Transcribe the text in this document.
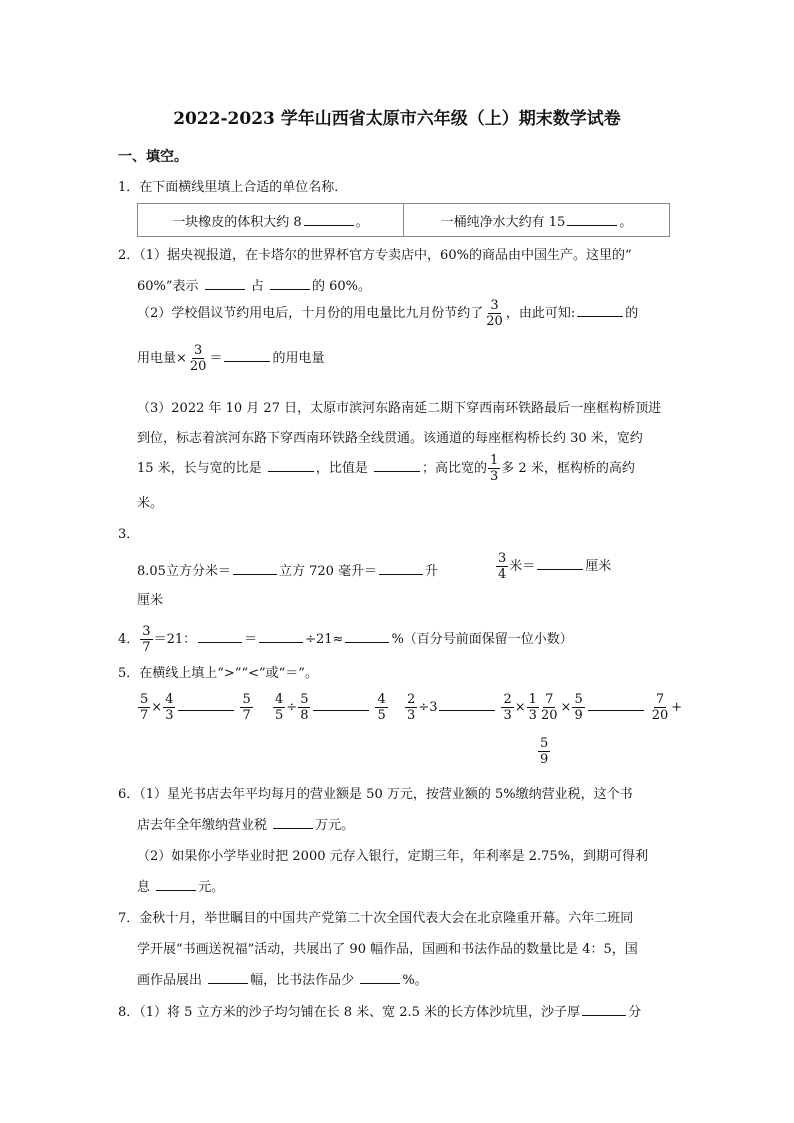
2022-2023 学年山西省太原市六年级（上）期末数学试卷
一、填空。
1．在下面横线里填上合适的单位名称．
一块橡皮的体积大约 8	。	一桶纯净水大约有 15	。
2．（1）据央视报道，在卡塔尔的世界杯官方专卖店中，60%的商品由中国生产。这里的“
60%”表示	占	的 60%。
（2）学校倡议节约用电后，十月份的用电量比九月份节约了 $\frac{3}{20}$ ，由此可知:	的
用电量× $\frac{3}{20}$ ＝	的用电量
（3）2022 年 10 月 27 日，太原市滨河东路南延二期下穿西南环铁路最后一座框构桥顶进
到位，标志着滨河东路下穿西南环铁路全线贯通。该通道的每座框构桥长约 30 米，宽约
15 米，长与宽的比是	，比值是	；高比宽的 $\frac{1}{3}$ 多 2 米，框构桥的高约
米。
3．
8.05立方分米＝	立方 720 毫升＝	升	$\frac{3}{4}$ 米＝	厘米
厘米
4． $\frac{3}{7} =21$：	＝	÷21≈	%（百分号前面保留一位小数）
5．在横线上填上“>”“<”或“＝”。
$\frac{5}{7} \times \frac{4}{3}$	$\frac{5}{7} \frac{4}{5} \div \frac{5}{8}$	$\frac{4}{5} \frac{2}{3} \div 3$	$\frac{2}{3} \times \frac{1}{3} \frac{7}{20} \times \frac{5}{9}$	$\frac{7}{20}$ +
$\frac{5}{9}$
6．（1）星光书店去年平均每月的营业额是 50 万元，按营业额的 5%缴纳营业税，这个书
店去年全年缴纳营业税	万元。
（2）如果你小学毕业时把 2000 元存入银行，定期三年，年利率是 2.75%，到期可得利
息	元。
7．金秋十月，举世瞩目的中国共产党第二十次全国代表大会在北京隆重开幕。六年二班同
学开展“书画送祝福”活动，共展出了 90 幅作品，国画和书法作品的数量比是 4：5，国
画作品展出	幅，比书法作品少	%。
8．（1）将 5 立方米的沙子均匀铺在长 8 米、宽 2.5 米的长方体沙坑里，沙子厚	分
